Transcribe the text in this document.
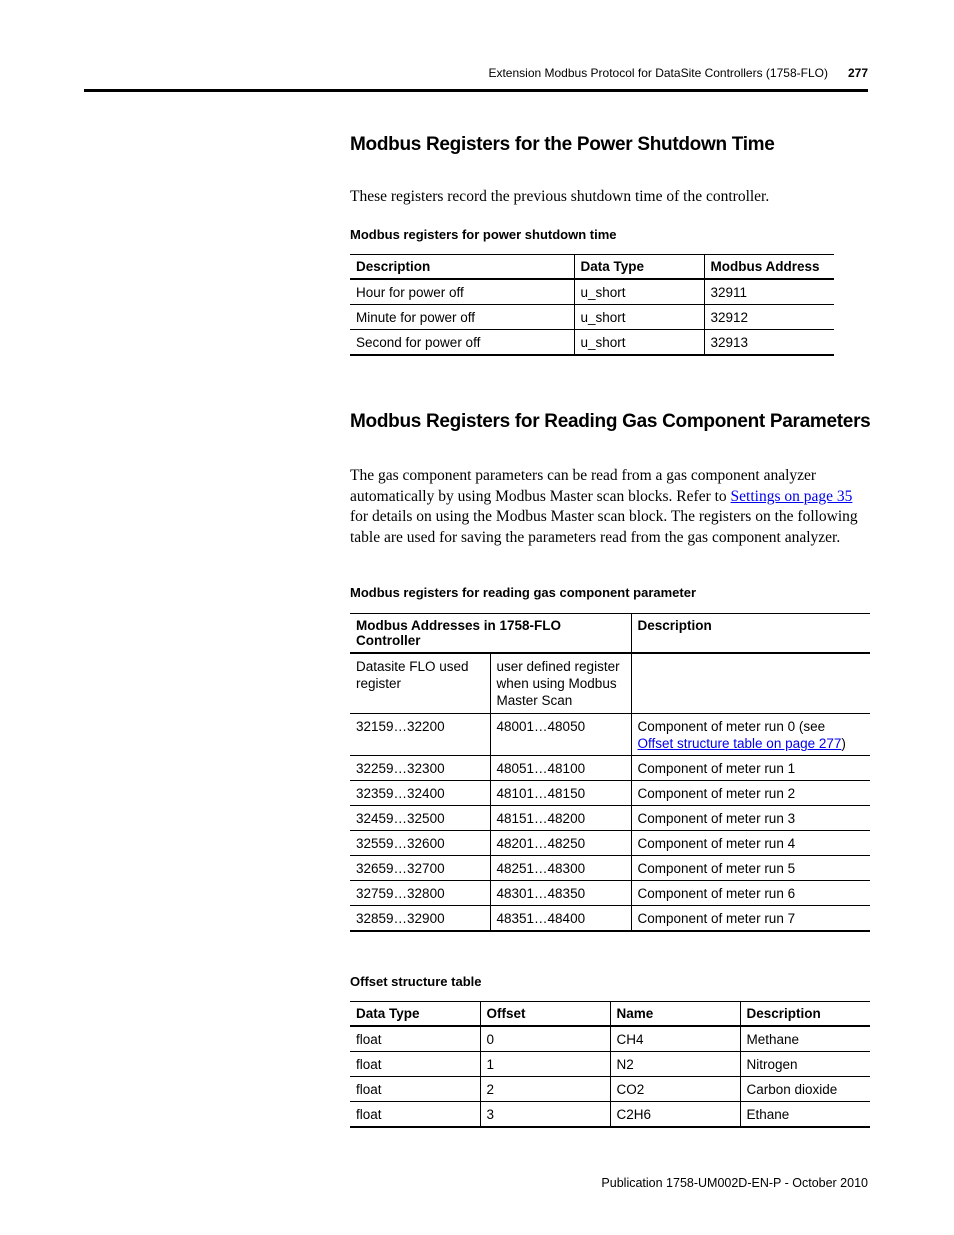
Extension Modbus Protocol for DataSite Controllers (1758-FLO) 277
Modbus Registers for the Power Shutdown Time

These registers record the previous shutdown time of the controller.

Modbus registers for power shutdown time

Description	Data Type	Modbus Address
Hour for power off	u_short	32911
Minute for power off	u_short	32912
Second for power off	u_short	32913
Modbus Registers for Reading Gas Component Parameters

The gas component parameters can be read from a gas component analyzer automatically by using Modbus Master scan blocks. Refer to Settings on page 35 for details on using the Modbus Master scan block. The registers on the following table are used for saving the parameters read from the gas component analyzer.

Modbus registers for reading gas component parameter

Modbus Addresses in 1758-FLO Controller		Description
Datasite FLO used register	user defined register when using Modbus Master Scan	
32159…32200	48001…48050	Component of meter run 0 (see Offset structure table on page 277)
32259…32300	48051…48100	Component of meter run 1
32359…32400	48101…48150	Component of meter run 2
32459…32500	48151…48200	Component of meter run 3
32559…32600	48201…48250	Component of meter run 4
32659…32700	48251…48300	Component of meter run 5
32759…32800	48301…48350	Component of meter run 6
32859…32900	48351…48400	Component of meter run 7

Offset structure table

Data Type	Offset	Name	Description
float	0	CH4	Methane
float	1	N2	Nitrogen
float	2	CO2	Carbon dioxide
float	3	C2H6	Ethane
Publication 1758-UM002D-EN-P - October 2010
